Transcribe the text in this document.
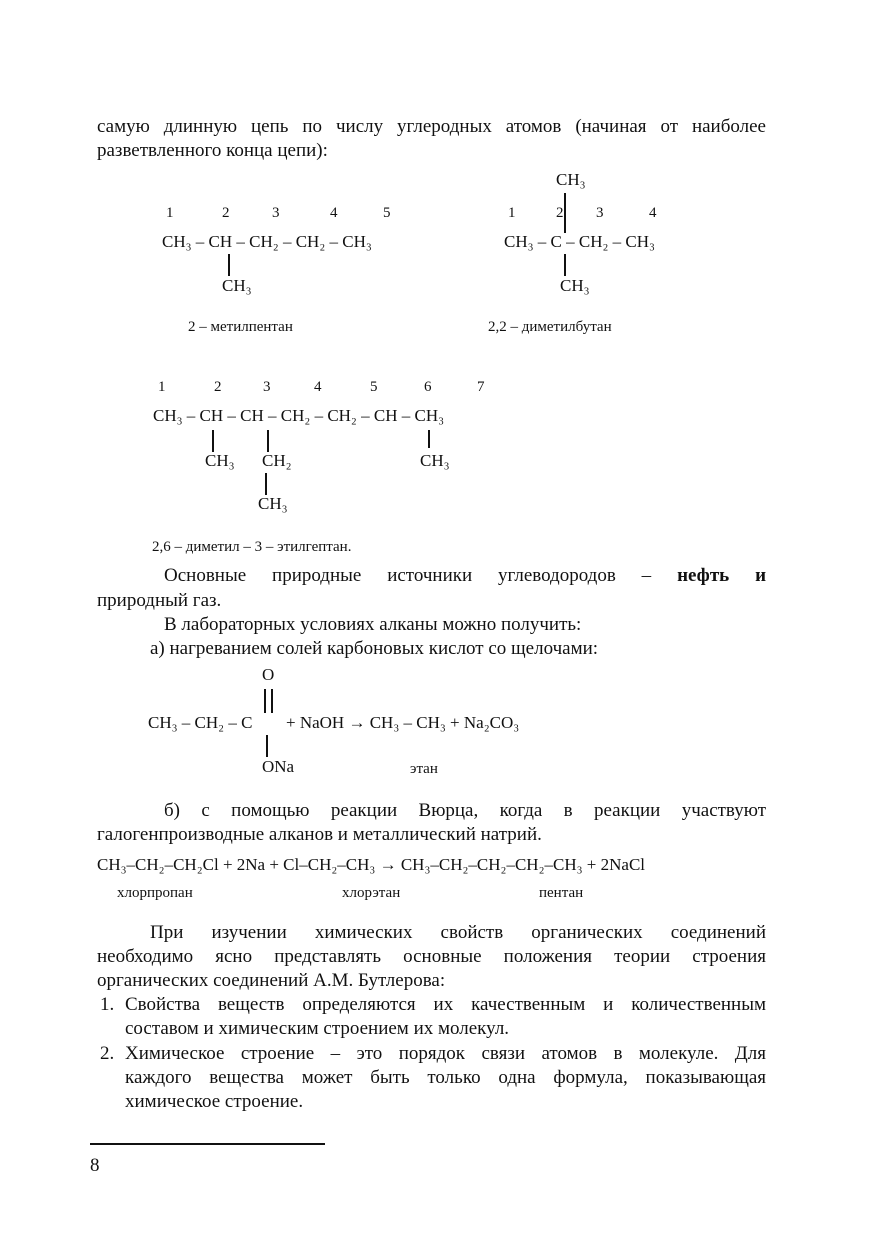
самую длинную цепь по числу углеродных атомов (начиная от наиболее
разветвленного конца цепи):
1	2	3	4	5
CH₃ – CH – CH₂ – CH₂ – CH₃
CH₃
2 – метилпентан
CH₃
1	2 3	4
CH₃ – C – CH₂ – CH₃
CH₃
2,2 – диметилбутан
1	2	3	4	5	6	7
CH₃ – CH – CH – CH₂ – CH₂ – CH – CH₃
CH₃ CH₂	CH₃
CH₃
2,6 – диметил – 3 – этилгептан.
Основные природные источники углеводородов – нефть и
природный газ.
В лабораторных условиях алканы можно получить:
а) нагреванием солей карбоновых кислот со щелочами:
O
CH₃ – CH₂ – C + NaOH → CH₃ – CH₃ + Na₂CO₃
ONa	этан
б) с помощью реакции Вюрца, когда в реакции участвуют
галогенпроизводные алканов и металлический натрий.
CH₃–CH₂–CH₂Cl + 2Na + Cl–CH₂–CH₃ → CH₃–CH₂–CH₂–CH₂–CH₃ + 2NaCl
хлорпропан	хлорэтан	пентан
При изучении химических свойств органических соединений
необходимо ясно представлять основные положения теории строения
органических соединений А.М. Бутлерова:
1. Свойства веществ определяются их качественным и количественным
составом и химическим строением их молекул.
2. Химическое строение – это порядок связи атомов в молекуле. Для
каждого вещества может быть только одна формула, показывающая
химическое строение.
8
